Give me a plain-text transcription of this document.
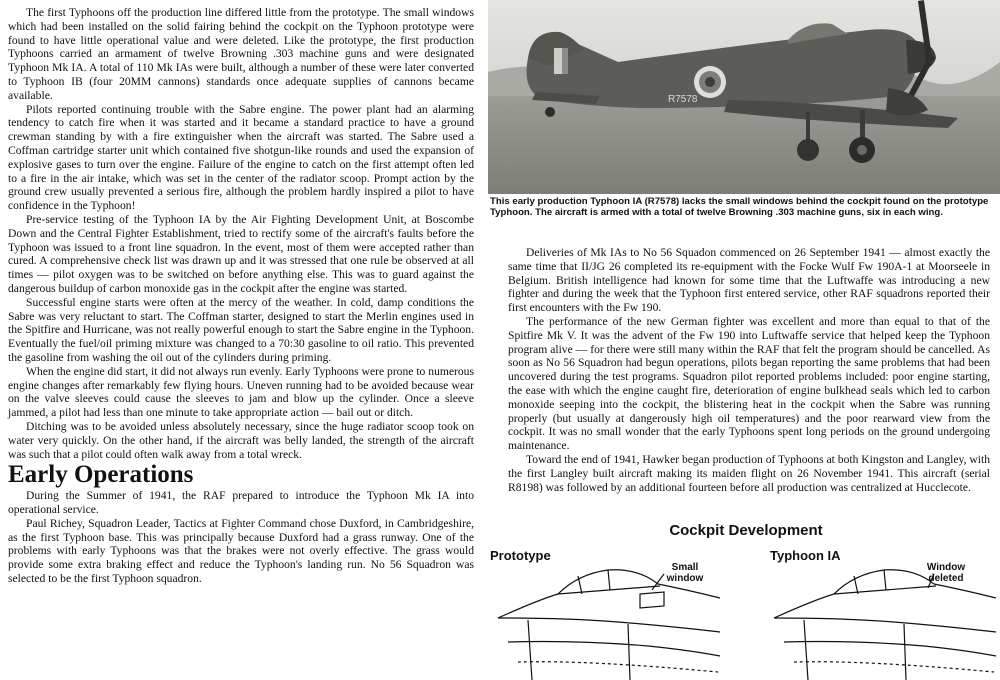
The first Typhoons off the production line differed little from the prototype. The small windows which had been installed on the solid fairing behind the cockpit on the Typhoon prototype were found to have little operational value and were deleted. Like the prototype, the first production Typhoons carried an armament of twelve Browning .303 machine guns and were designated Typhoon Mk IA. A total of 110 Mk IAs were built, although a number of these were later converted to Typhoon IB (four 20MM cannons) standards once adequate supplies of cannons became available.

Pilots reported continuing trouble with the Sabre engine. The power plant had an alarming tendency to catch fire when it was started and it became a standard practice to have a ground crewman standing by with a fire extinguisher when the aircraft was started. The Sabre used a Coffman cartridge starter unit which contained five shotgun-like rounds and used the expansion of explosive gases to turn over the engine. Failure of the engine to catch on the first attempt often led to a fire in the air intake, which was set in the center of the radiator scoop. Prompt action by the ground crew usually prevented a serious fire, although the problem hardly inspired a pilot to have confidence in the Typhoon!

Pre-service testing of the Typhoon IA by the Air Fighting Development Unit, at Boscombe Down and the Central Fighter Establishment, tried to rectify some of the aircraft's faults before the Typhoon was issued to a front line squadron. In the event, most of them were accepted rather than cured. A comprehensive check list was drawn up and it was stressed that one rule be observed at all times — pilot oxygen was to be switched on before anything else. This was to guard against the dangerous buildup of carbon monoxide gas in the cockpit after the engine was started.

Successful engine starts were often at the mercy of the weather. In cold, damp conditions the Sabre was very reluctant to start. The Coffman starter, designed to start the Merlin engines used in the Spitfire and Hurricane, was not really powerful enough to start the Sabre engine in the Typhoon. Eventually the fuel/oil priming mixture was changed to a 70:30 gasoline to oil ratio. This prevented the gasoline from washing the oil out of the cylinders during priming.

When the engine did start, it did not always run evenly. Early Typhoons were prone to numerous engine changes after remarkably few flying hours. Uneven running had to be avoided because wear on the valve sleeves could cause the sleeves to jam and blow up the cylinder. Once a sleeve jammed, a pilot had less than one minute to take appropriate action — bail out or ditch.

Ditching was to be avoided unless absolutely necessary, since the huge radiator scoop took on water very quickly. On the other hand, if the aircraft was belly landed, the strength of the aircraft was such that a pilot could often walk away from a total wreck.

Early Operations

During the Summer of 1941, the RAF prepared to introduce the Typhoon Mk IA into operational service.

Paul Richey, Squadron Leader, Tactics at Fighter Command chose Duxford, in Cambridgeshire, as the first Typhoon base. This was principally because Duxford had a grass runway. One of the problems with early Typhoons was that the brakes were not overly effective. The grass would provide some extra braking effect and reduce the Typhoon's landing run. No 56 Squadron was selected to be the first Typhoon squadron.

R7578
This early production Typhoon IA (R7578) lacks the small windows behind the cockpit found on the prototype Typhoon. The aircraft is armed with a total of twelve Browning .303 machine guns, six in each wing.

Deliveries of Mk IAs to No 56 Squadon commenced on 26 September 1941 — almost exactly the same time that II/JG 26 completed its re-equipment with the Focke Wulf Fw 190A-1 at Moorseele in Belgium. British intelligence had known for some time that the Luftwaffe was introducing a new fighter and during the week that the Typhoon first entered service, other RAF squadrons reported their first encounters with the Fw 190.

The performance of the new German fighter was excellent and more than equal to that of the Spitfire Mk V. It was the advent of the Fw 190 into Luftwaffe service that helped keep the Typhoon program alive — for there were still many within the RAF that felt the program should be cancelled. As soon as No 56 Squadron had begun operations, pilots began reporting the same problems that had been uncovered during the test programs. Squadron pilot reported problems included: poor engine starting, the ease with which the engine caught fire, deterioration of engine bulkhead seals which led to carbon monoxide seeping into the cockpit, the blistering heat in the cockpit when the Sabre was running properly (but usually at dangerously high oil temperatures) and the poor rearward view from the cockpit. It was no small wonder that the early Typhoons spent long periods on the ground undergoing maintenance.

Toward the end of 1941, Hawker began production of Typhoons at both Kingston and Langley, with the first Langley built aircraft making its maiden flight on 26 November 1941. This aircraft (serial R8198) was followed by an additional fourteen before all production was centralized at Hucclecote.

Cockpit Development
Prototype
Small window
Typhoon IA
Window deleted
